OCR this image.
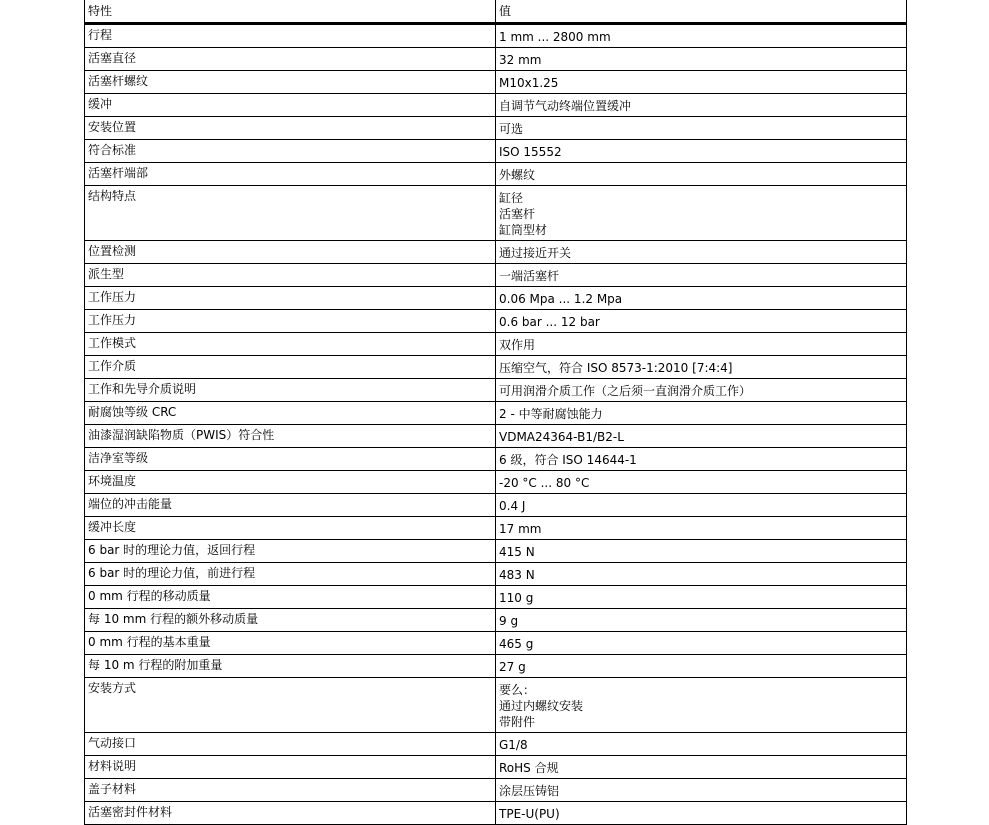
特性	值
行程	1 mm ... 2800 mm
活塞直径	32 mm
活塞杆螺纹	M10x1.25
缓冲	自调节气动终端位置缓冲
安装位置	可选
符合标准	ISO 15552
活塞杆端部	外螺纹
结构特点	缸径
活塞杆
缸筒型材
位置检测	通过接近开关
派生型	一端活塞杆
工作压力	0.06 Mpa ... 1.2 Mpa
工作压力	0.6 bar ... 12 bar
工作模式	双作用
工作介质	压缩空气，符合 ISO 8573-1:2010 [7:4:4]
工作和先导介质说明	可用润滑介质工作（之后须一直润滑介质工作）
耐腐蚀等级 CRC	2 - 中等耐腐蚀能力
油漆湿润缺陷物质（PWIS）符合性	VDMA24364-B1/B2-L
洁净室等级	6 级，符合 ISO 14644-1
环境温度	-20 °C ... 80 °C
端位的冲击能量	0.4 J
缓冲长度	17 mm
6 bar 时的理论力值，返回行程	415 N
6 bar 时的理论力值，前进行程	483 N
0 mm 行程的移动质量	110 g
每 10 mm 行程的额外移动质量	9 g
0 mm 行程的基本重量	465 g
每 10 m 行程的附加重量	27 g
安装方式	要么：
通过内螺纹安装
带附件
气动接口	G1/8
材料说明	RoHS 合规
盖子材料	涂层压铸铝
活塞密封件材料	TPE-U(PU)
